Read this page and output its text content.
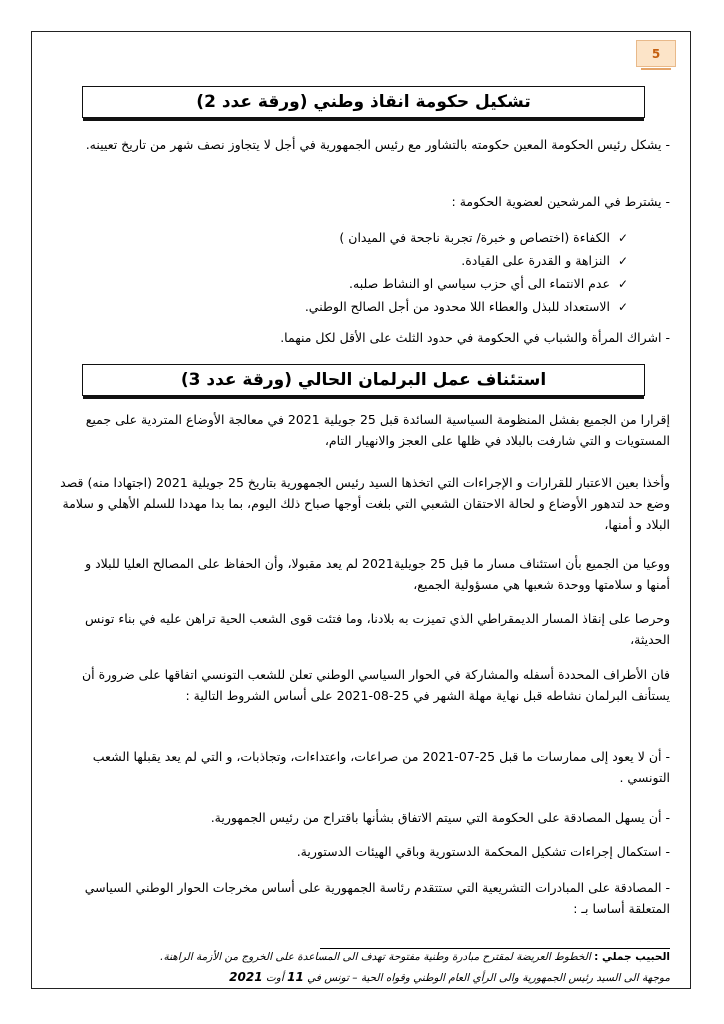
5
تشكيل حكومة انقاذ وطني (ورقة عدد 2)
- يشكل رئيس الحكومة المعين حكومته بالتشاور مع رئيس الجمهورية في أجل لا يتجاوز نصف شهر من تاريخ تعيينه.
- يشترط في المرشحين لعضوية الحكومة :
✓الكفاءة (اختصاص و خبرة/ تجربة ناجحة في الميدان )
✓النزاهة و القدرة على القيادة.
✓عدم الانتماء الى أي حزب سياسي او النشاط صلبه.
✓الاستعداد للبذل والعطاء اللا محدود من أجل الصالح الوطني.
- اشراك المرأة والشباب في الحكومة في حدود الثلث على الأقل لكل منهما.
استئناف عمل البرلمان الحالي (ورقة عدد 3)
إقرارا من الجميع بفشل المنظومة السياسية السائدة قبل 25 جويلية 2021 في معالجة الأوضاع المتردية على جميع المستويات و التي شارفت بالبلاد في ظلها على العجز والانهيار التام،
وأخذا بعين الاعتبار للقرارات و الإجراءات التي اتخذها السيد رئيس الجمهورية بتاريخ 25 جويلية 2021 (اجتهادا منه) قصد وضع حد لتدهور الأوضاع و لحالة الاحتقان الشعبي التي بلغت أوجها صباح ذلك اليوم، بما بدا مهددا للسلم الأهلي و سلامة البلاد و أمنها،
ووعيا من الجميع بأن استئناف مسار ما قبل 25 جويلية2021 لم يعد مقبولا، وأن الحفاظ على المصالح العليا للبلاد و أمنها و سلامتها ووحدة شعبها هي مسؤولية الجميع،
وحرصا على إنقاذ المسار الديمقراطي الذي تميزت به بلادنا، وما فتئت قوى الشعب الحية تراهن عليه في بناء تونس الحديثة،
فان الأطراف المحددة أسفله والمشاركة في الحوار السياسي الوطني تعلن للشعب التونسي اتفاقها على ضرورة أن يستأنف البرلمان نشاطه قبل نهاية مهلة الشهر في 25-08-2021 على أساس الشروط التالية :
- أن لا يعود إلى ممارسات ما قبل 25-07-2021 من صراعات، واعتداءات، وتجاذبات، و التي لم يعد يقبلها الشعب التونسي .
- أن يسهل المصادقة على الحكومة التي سيتم الاتفاق بشأنها باقتراح من رئيس الجمهورية.
- استكمال إجراءات تشكيل المحكمة الدستورية وباقي الهيئات الدستورية.
- المصادقة على المبادرات التشريعية التي ستتقدم رئاسة الجمهورية على أساس مخرجات الحوار الوطني السياسي المتعلقة أساسا بـ :
الحبيب جملي : الخطوط العريضة لمقترح مبادرة وطنية مفتوحة تهدف الى المساعدة على الخروج من الأزمة الراهنة.
موجهة الى السيد رئيس الجمهورية والى الرأي العام الوطني وقواه الحية – تونس في 11 أوت 2021
